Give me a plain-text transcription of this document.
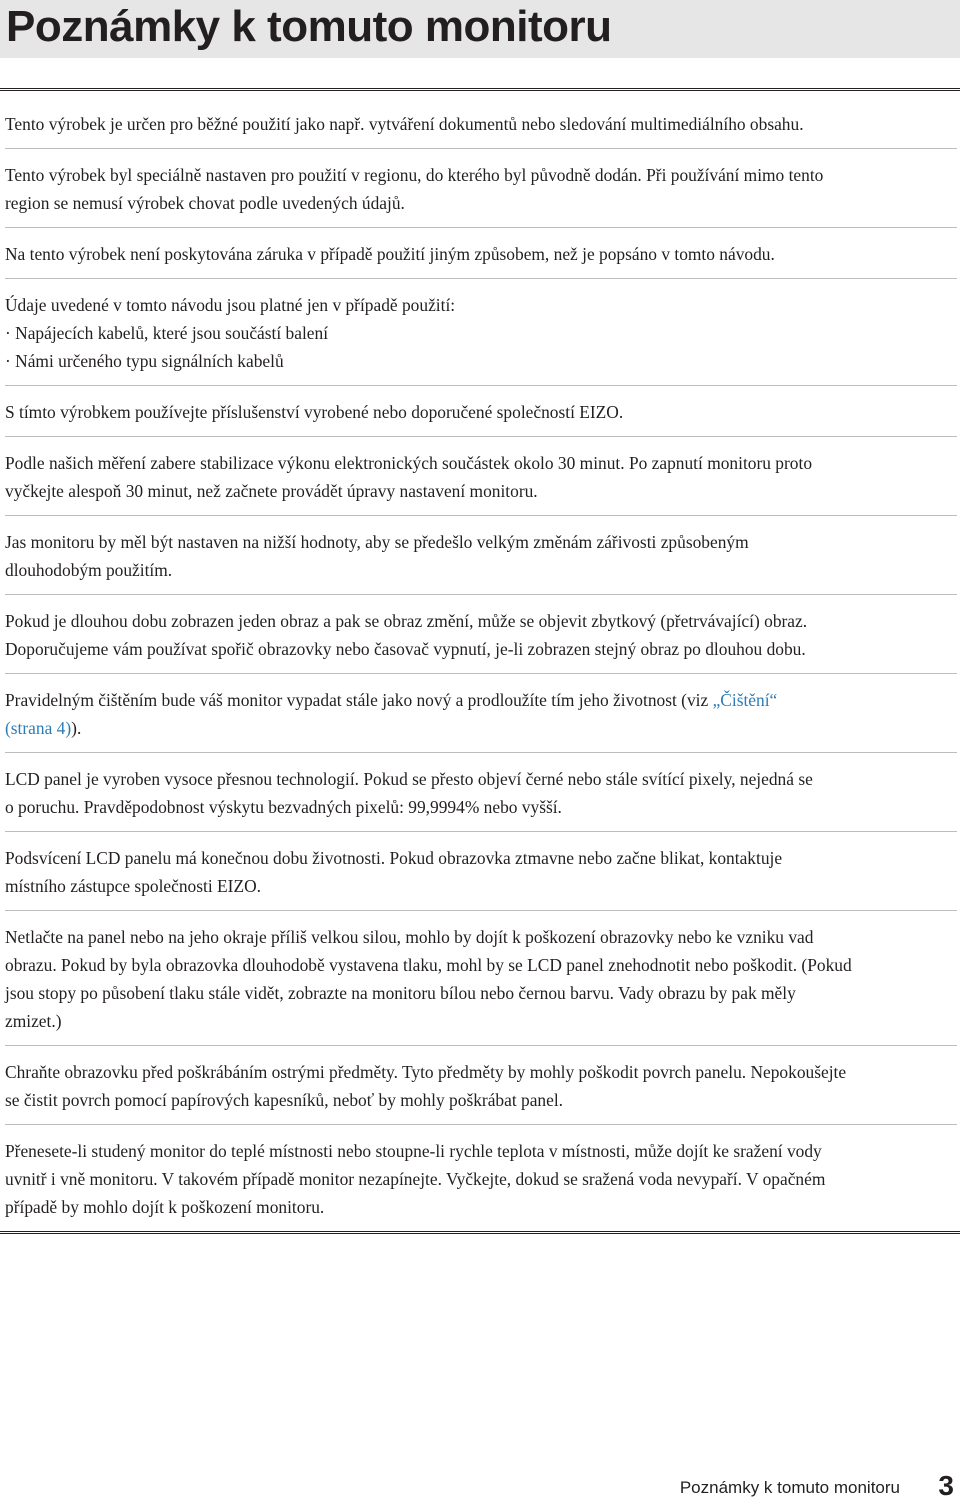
Poznámky k tomuto monitoru
Tento výrobek je určen pro běžné použití jako např. vytváření dokumentů nebo sledování multimediálního obsahu.
Tento výrobek byl speciálně nastaven pro použití v regionu, do kterého byl původně dodán. Při používání mimo tento
region se nemusí výrobek chovat podle uvedených údajů.
Na tento výrobek není poskytována záruka v případě použití jiným způsobem, než je popsáno v tomto návodu.
Údaje uvedené v tomto návodu jsou platné jen v případě použití:
· Napájecích kabelů, které jsou součástí balení
· Námi určeného typu signálních kabelů
S tímto výrobkem používejte příslušenství vyrobené nebo doporučené společností EIZO.
Podle našich měření zabere stabilizace výkonu elektronických součástek okolo 30 minut. Po zapnutí monitoru proto
vyčkejte alespoň 30 minut, než začnete provádět úpravy nastavení monitoru.
Jas monitoru by měl být nastaven na nižší hodnoty, aby se předešlo velkým změnám zářivosti způsobeným
dlouhodobým použitím.
Pokud je dlouhou dobu zobrazen jeden obraz a pak se obraz změní, může se objevit zbytkový (přetrvávající) obraz.
Doporučujeme vám používat spořič obrazovky nebo časovač vypnutí, je-li zobrazen stejný obraz po dlouhou dobu.
Pravidelným čištěním bude váš monitor vypadat stále jako nový a prodloužíte tím jeho životnost (viz „Čištění“
(strana 4)).
LCD panel je vyroben vysoce přesnou technologií. Pokud se přesto objeví černé nebo stále svítící pixely, nejedná se
o poruchu. Pravděpodobnost výskytu bezvadných pixelů: 99,9994% nebo vyšší.
Podsvícení LCD panelu má konečnou dobu životnosti. Pokud obrazovka ztmavne nebo začne blikat, kontaktuje
místního zástupce společnosti EIZO.
Netlačte na panel nebo na jeho okraje příliš velkou silou, mohlo by dojít k poškození obrazovky nebo ke vzniku vad
obrazu. Pokud by byla obrazovka dlouhodobě vystavena tlaku, mohl by se LCD panel znehodnotit nebo poškodit. (Pokud
jsou stopy po působení tlaku stále vidět, zobrazte na monitoru bílou nebo černou barvu. Vady obrazu by pak měly
zmizet.)
Chraňte obrazovku před poškrábáním ostrými předměty. Tyto předměty by mohly poškodit povrch panelu. Nepokoušejte
se čistit povrch pomocí papírových kapesníků, neboť by mohly poškrábat panel.
Přenesete-li studený monitor do teplé místnosti nebo stoupne-li rychle teplota v místnosti, může dojít ke sražení vody
uvnitř i vně monitoru. V takovém případě monitor nezapínejte. Vyčkejte, dokud se sražená voda nevypaří. V opačném
případě by mohlo dojít k poškození monitoru.
Poznámky k tomuto monitoru 3
